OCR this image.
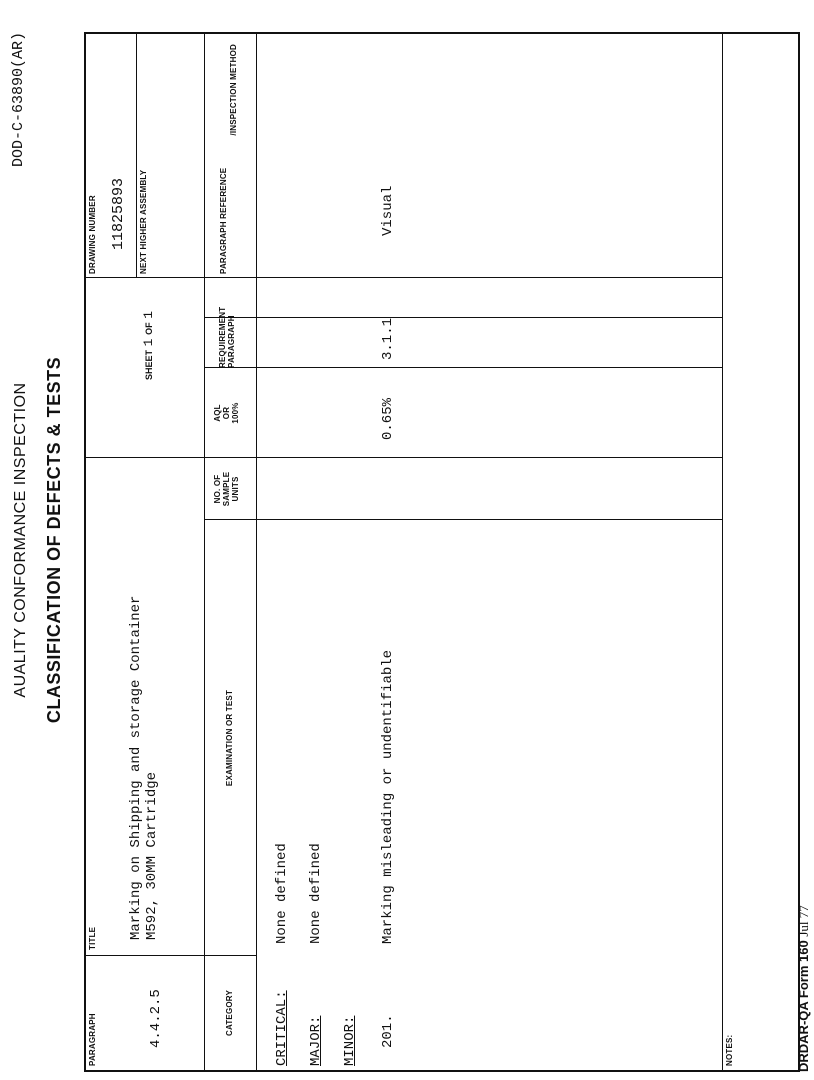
AUALITY CONFORMANCE INSPECTION
DOD-C-63890(AR)
CLASSIFICATION OF DEFECTS & TESTS
PARAGRAPH
TITLE
DRAWING NUMBER	NEXT HIGHER ASSEMBLY
4.4.2.5
Marking on Shipping and storage Container M592, 30MM Cartridge
SHEET 1 OF 1
11825893
CATEGORY
EXAMINATION OR TEST
NO. OF SAMPLE UNITS
AQL OR 100%
REQUIREMENT PARAGRAPH
PARAGRAPH REFERENCE
/INSPECTION METHOD
CRITICAL:
None defined
MAJOR:
None defined
MINOR: 201.
Marking misleading or undentifiable
0.65%
3.1.1
Visual
NOTES:	DRDAR-QA Form 160 Jul 77
